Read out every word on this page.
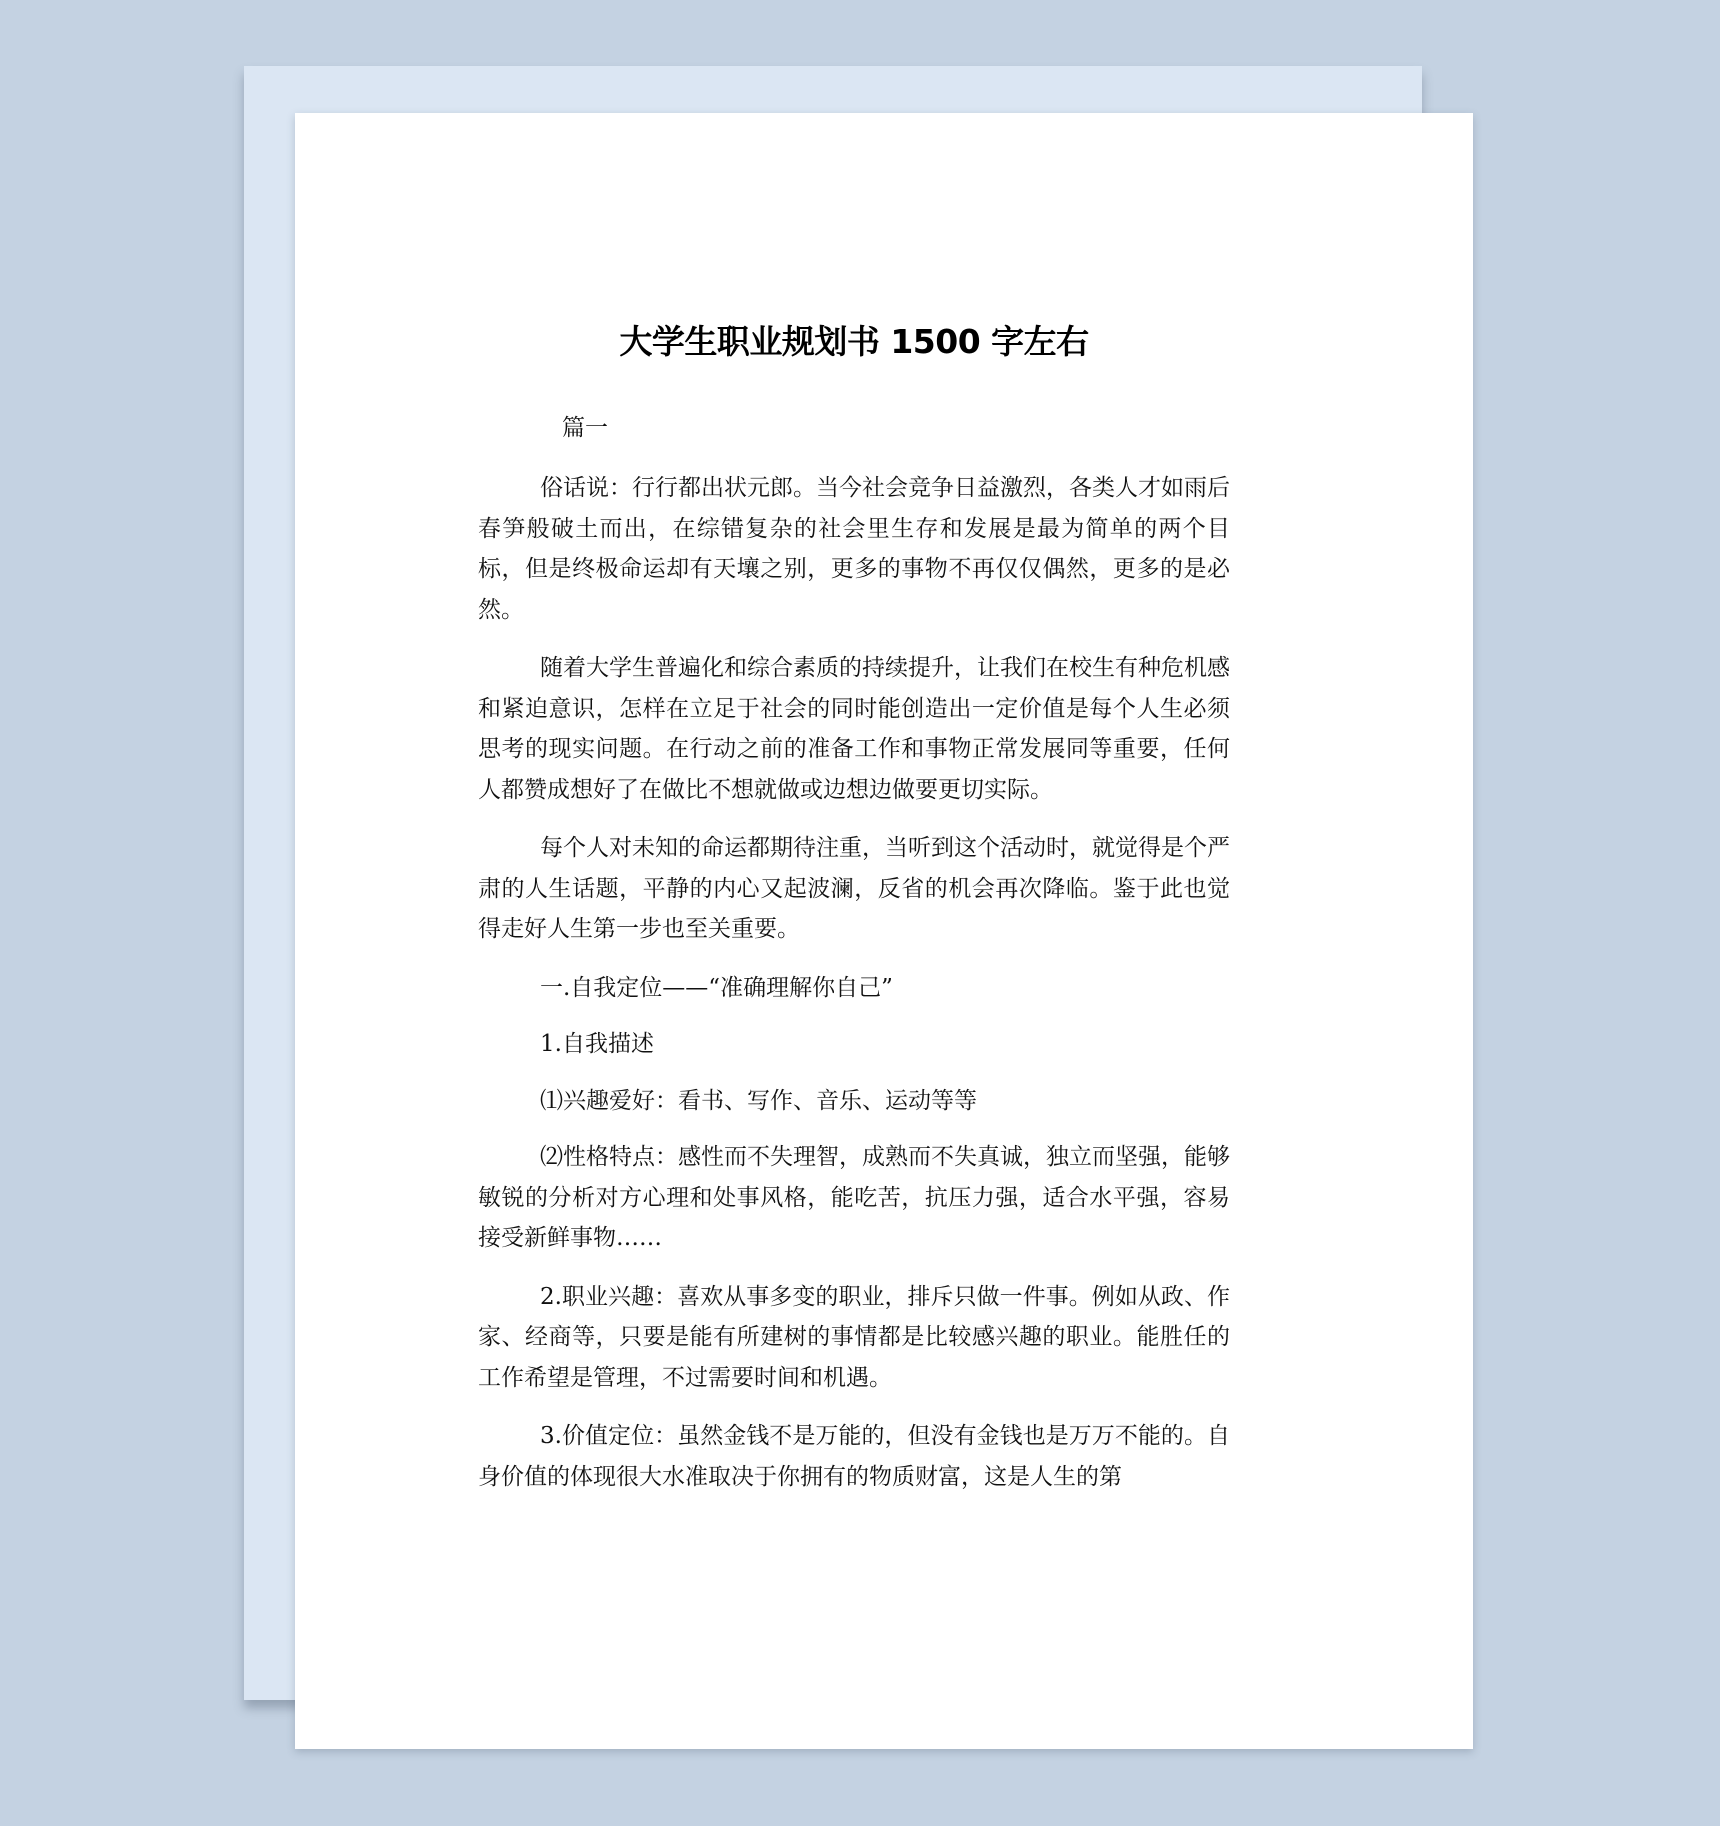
大学生职业规划书 1500 字左右
篇一

俗话说：行行都出状元郎。当今社会竞争日益激烈，各类人才如雨后春笋般破土而出，在综错复杂的社会里生存和发展是最为简单的两个目标，但是终极命运却有天壤之别，更多的事物不再仅仅偶然，更多的是必然。

随着大学生普遍化和综合素质的持续提升，让我们在校生有种危机感和紧迫意识，怎样在立足于社会的同时能创造出一定价值是每个人生必须思考的现实问题。在行动之前的准备工作和事物正常发展同等重要，任何人都赞成想好了在做比不想就做或边想边做要更切实际。

每个人对未知的命运都期待注重，当听到这个活动时，就觉得是个严肃的人生话题，平静的内心又起波澜，反省的机会再次降临。鉴于此也觉得走好人生第一步也至关重要。

一.自我定位——“准确理解你自己”

1.自我描述

⑴兴趣爱好：看书、写作、音乐、运动等等

⑵性格特点：感性而不失理智，成熟而不失真诚，独立而坚强，能够敏锐的分析对方心理和处事风格，能吃苦，抗压力强，适合水平强，容易接受新鲜事物……

2.职业兴趣：喜欢从事多变的职业，排斥只做一件事。例如从政、作家、经商等，只要是能有所建树的事情都是比较感兴趣的职业。能胜任的工作希望是管理，不过需要时间和机遇。

3.价值定位：虽然金钱不是万能的，但没有金钱也是万万不能的。自身价值的体现很大水准取决于你拥有的物质财富，这是人生的第
